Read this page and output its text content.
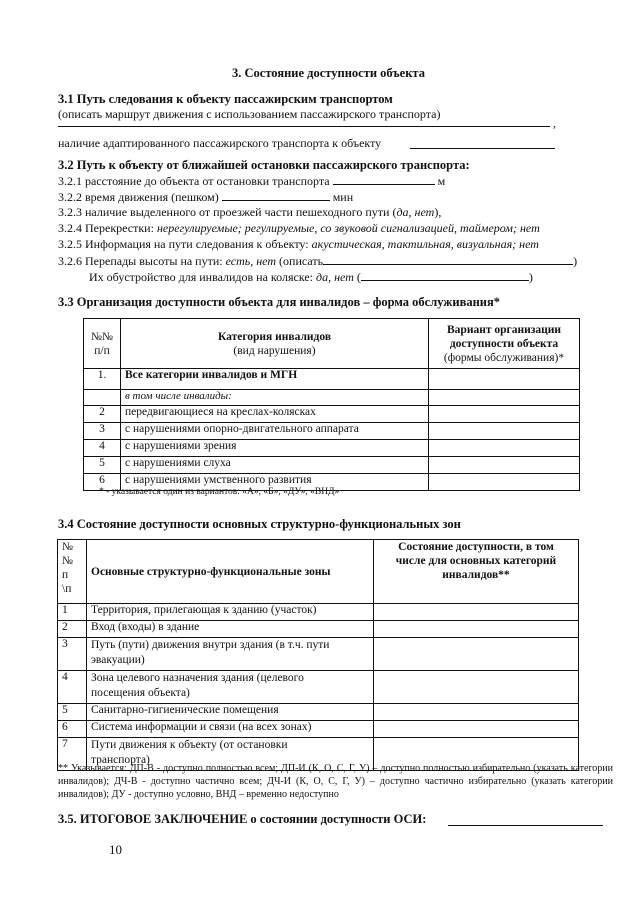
3. Состояние доступности объекта
3.1 Путь следования к объекту пассажирским транспортом
(описать маршрут движения с использованием пассажирского транспорта)
,
наличие адаптированного пассажирского транспорта к объекту
3.2 Путь к объекту от ближайшей остановки пассажирского транспорта:
3.2.1 расстояние до объекта от остановки транспорта	м
3.2.2 время движения (пешком)	мин
3.2.3 наличие выделенного от проезжей части пешеходного пути (да, нет),
3.2.4 Перекрестки: нерегулируемые; регулируемые, со звуковой сигнализацией, таймером; нет
3.2.5 Информация на пути следования к объекту: акустическая, тактильная, визуальная; нет
3.2.6 Перепады высоты на пути: есть, нет (описать	)
Их обустройство для инвалидов на коляске: да, нет (	)
3.3 Организация доступности объекта для инвалидов – форма обслуживания*
№№
п/п	Категория инвалидов
(вид нарушения)	Вариант организации
доступности объекта
(формы обслуживания)*
1.	Все категории инвалидов и МГН	
	в том числе инвалиды:	
2	передвигающиеся на креслах-колясках	
3	с нарушениями опорно-двигательного аппарата	
4	с нарушениями зрения	
5	с нарушениями слуха	
6	с нарушениями умственного развития	
* - указывается один из вариантов: «А», «Б», «ДУ», «ВНД»
3.4 Состояние доступности основных структурно-функциональных зон
№
№
п
\п	Основные структурно-функциональные зоны	Состояние доступности, в том
числе для основных категорий
инвалидов**
1	Территория, прилегающая к зданию (участок)	
2	Вход (входы) в здание	
3	Путь (пути) движения внутри здания (в т.ч. пути
эвакуации)	
4	Зона целевого назначения здания (целевого
посещения объекта)	
5	Санитарно-гигиенические помещения	
6	Система информации и связи (на всех зонах)	
7	Пути движения к объекту (от остановки
транспорта)	
** Указывается: ДП-В - доступно полностью всем; ДП-И (К, О, С, Г, У) – доступно полностью избирательно (указать категории инвалидов); ДЧ-В - доступно частично всем; ДЧ-И (К, О, С, Г, У) – доступно частично избирательно (указать категории инвалидов); ДУ - доступно условно, ВНД – временно недоступно
3.5. ИТОГОВОЕ ЗАКЛЮЧЕНИЕ о состоянии доступности ОСИ:
10
